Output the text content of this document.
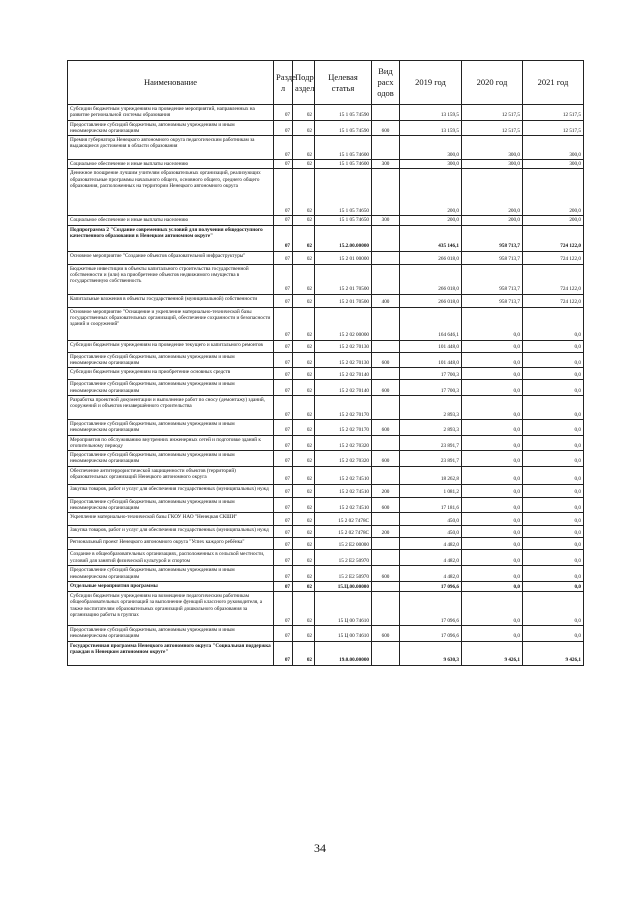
Наименование	Разде л	Подр аздел	Целевая статья	Вид расх одов	2019 год	2020 год	2021 год
Субсидии бюджетным учреждениям на проведение мероприятий, направленных на развитие региональной системы образования	07	02	15 1 05 74590		13 159,5	12 517,5	12 517,5
Предоставление субсидий бюджетным, автономным учреждениям и иным некоммерческим организациям	07	02	15 1 05 74590	600	13 159,5	12 517,5	12 517,5
Премия губернатора Ненецкого автономного округа педагогическим работникам за выдающиеся достижения в области образования	07	02	15 1 05 74600		300,0	300,0	300,0
Социальное обеспечение и иные выплаты населению	07	02	15 1 05 74600	300	300,0	300,0	300,0
Денежное поощрение лучшим учителям образовательных организаций, реализующих образовательные программы начального общего, основного общего, среднего общего образования, расположенных на территории Ненецкого автономного округа	07	02	15 1 05 74650		200,0	200,0	200,0
Социальное обеспечение и иные выплаты населению	07	02	15 1 05 74650	300	200,0	200,0	200,0
Подпрограмма 2 "Создание современных условий для получения общедоступного качественного образования в Ненецком автономном округе"	07	02	15.2.00.00000		435 146,1	958 713,7	724 122,0
Основное мероприятие "Создание объектов образовательной инфраструктуры"	07	02	15 2 01 00000		266 018,0	958 713,7	724 122,0
Бюджетные инвестиции в объекты капитального строительства государственной собственности и (или) на приобретение объектов недвижимого имущества в государственную собственность	07	02	15 2 01 70500		266 018,0	958 713,7	724 122,0
Капитальные вложения в объекты государственной (муниципальной) собственности	07	02	15 2 01 70500	400	266 018,0	958 713,7	724 122,0
Основное мероприятие "Оснащение и укрепление материально-технической базы государственных образовательных организаций, обеспечение сохранности и безопасности зданий и сооружений"	07	02	15 2 02 00000		164 646,1	0,0	0,0
Субсидии бюджетным учреждениям на проведение текущего и капитального ремонтов	07	02	15 2 02 70130		101 448,0	0,0	0,0
Предоставление субсидий бюджетным, автономным учреждениям и иным некоммерческим организациям	07	02	15 2 02 70130	600	101 448,0	0,0	0,0
Субсидии бюджетным учреждениям на приобретение основных средств	07	02	15 2 02 70140		17 700,3	0,0	0,0
Предоставление субсидий бюджетным, автономным учреждениям и иным некоммерческим организациям	07	02	15 2 02 70140	600	17 700,3	0,0	0,0
Разработка проектной документации и выполнение работ по сносу (демонтажу) зданий, сооружений и объектов незавершённого строительства	07	02	15 2 02 70170		2 893,3	0,0	0,0
Предоставление субсидий бюджетным, автономным учреждениям и иным некоммерческим организациям	07	02	15 2 02 70170	600	2 893,3	0,0	0,0
Мероприятия по обслуживанию внутренних инженерных сетей и подготовке зданий к отопительному периоду	07	02	15 2 02 70320		23 891,7	0,0	0,0
Предоставление субсидий бюджетным, автономным учреждениям и иным некоммерческим организациям	07	02	15 2 02 70320	600	23 891,7	0,0	0,0
Обеспечение антитеррористической защищенности объектов (территорий) образовательных организаций Ненецкого автономного округа	07	02	15 2 02 74510		18 262,8	0,0	0,0
Закупка товаров, работ и услуг для обеспечения государственных (муниципальных) нужд	07	02	15 2 02 74510	200	1 081,2	0,0	0,0
Предоставление субсидий бюджетным, автономным учреждениям и иным некоммерческим организациям	07	02	15 2 02 74510	600	17 181,6	0,0	0,0
Укрепление материально-технической базы ГКОУ НАО "Ненецкая СКШИ"	07	02	15 2 02 7478С		450,0	0,0	0,0
Закупка товаров, работ и услуг для обеспечения государственных (муниципальных) нужд	07	02	15 2 02 7478С	200	450,0	0,0	0,0
Региональный проект Ненецкого автономного округа "Успех каждого ребёнка"	07	02	15 2 Е2 00000		4 482,0	0,0	0,0
Создание в общеобразовательных организациях, расположенных в сельской местности, условий для занятий физической культурой и спортом	07	02	15 2 Е2 50970		4 482,0	0,0	0,0
Предоставление субсидий бюджетным, автономным учреждениям и иным некоммерческим организациям	07	02	15 2 Е2 50970	600	4 482,0	0,0	0,0
Отдельные мероприятия программы	07	02	15.Ц.00.00000		17 096,6	0,0	0,0
Субсидии бюджетным учреждениям на возмещение педагогическим работникам общеобразовательных организаций за выполнение функций классного руководителя, а также воспитателям образовательных организаций дошкольного образования за организацию работы в группах	07	02	15 Ц 00 74610		17 096,6	0,0	0,0
Предоставление субсидий бюджетным, автономным учреждениям и иным некоммерческим организациям	07	02	15 Ц 00 74610	600	17 096,6	0,0	0,0
Государственная программа Ненецкого автономного округа "Социальная поддержка граждан в Ненецком автономном округе"	07	02	19.0.00.00000		9 630,3	9 426,1	9 426,1
34
